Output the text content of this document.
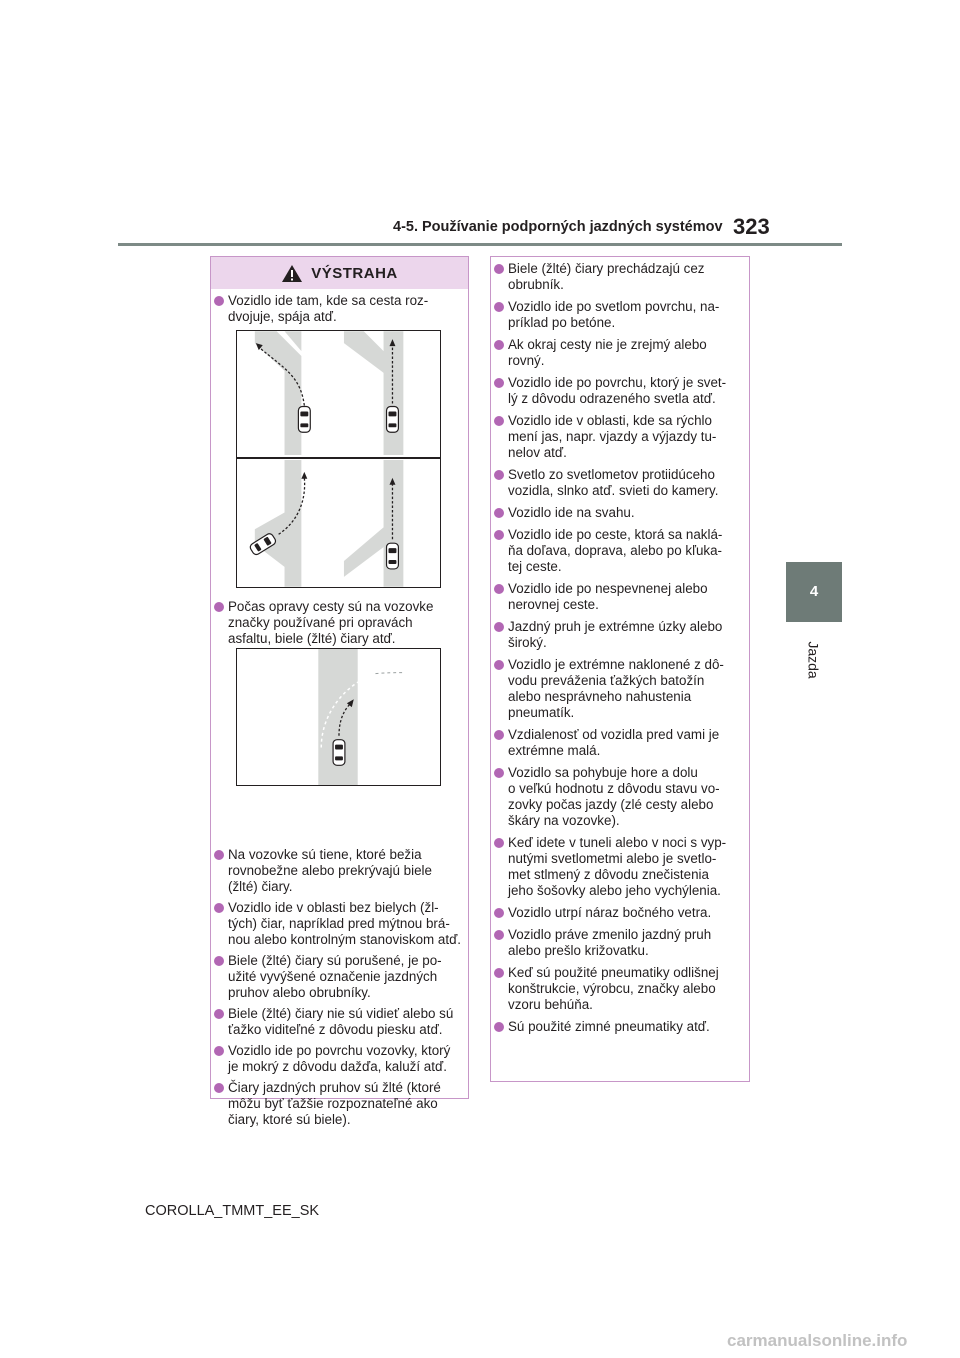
4-5. Používanie podporných jazdných systémov 323
4
Jazda
VÝSTRAHA
Vozidlo ide tam, kde sa cesta roz-
dvojuje, spája atď.
Počas opravy cesty sú na vozovke
značky používané pri opravách
asfaltu, biele (žlté) čiary atď.
Na vozovke sú tiene, ktoré bežia
rovnobežne alebo prekrývajú biele
(žlté) čiary.
Vozidlo ide v oblasti bez bielych (žl-
tých) čiar, napríklad pred mýtnou brá-
nou alebo kontrolným stanoviskom atď.
Biele (žlté) čiary sú porušené, je po-
užité vyvýšené označenie jazdných
pruhov alebo obrubníky.
Biele (žlté) čiary nie sú vidieť alebo sú
ťažko viditeľné z dôvodu piesku atď.
Vozidlo ide po povrchu vozovky, ktorý
je mokrý z dôvodu dažďa, kaluží atď.
Čiary jazdných pruhov sú žlté (ktoré
môžu byť ťažšie rozpoznateľné ako
čiary, ktoré sú biele).
Biele (žlté) čiary prechádzajú cez
obrubník.
Vozidlo ide po svetlom povrchu, na-
príklad po betóne.
Ak okraj cesty nie je zrejmý alebo
rovný.
Vozidlo ide po povrchu, ktorý je svet-
lý z dôvodu odrazeného svetla atď.
Vozidlo ide v oblasti, kde sa rýchlo
mení jas, napr. vjazdy a výjazdy tu-
nelov atď.
Svetlo zo svetlometov protiidúceho
vozidla, slnko atď. svieti do kamery.
Vozidlo ide na svahu.
Vozidlo ide po ceste, ktorá sa naklá-
ňa doľava, doprava, alebo po kľuka-
tej ceste.
Vozidlo ide po nespevnenej alebo
nerovnej ceste.
Jazdný pruh je extrémne úzky alebo
široký.
Vozidlo je extrémne naklonené z dô-
vodu preváženia ťažkých batožín
alebo nesprávneho nahustenia
pneumatík.
Vzdialenosť od vozidla pred vami je
extrémne malá.
Vozidlo sa pohybuje hore a dolu
o veľkú hodnotu z dôvodu stavu vo-
zovky počas jazdy (zlé cesty alebo
škáry na vozovke).
Keď idete v tuneli alebo v noci s vyp-
nutými svetlometmi alebo je svetlo-
met stlmený z dôvodu znečistenia
jeho šošovky alebo jeho vychýlenia.
Vozidlo utrpí náraz bočného vetra.
Vozidlo práve zmenilo jazdný pruh
alebo prešlo križovatku.
Keď sú použité pneumatiky odlišnej
konštrukcie, výrobcu, značky alebo
vzoru behúňa.
Sú použité zimné pneumatiky atď.
COROLLA_TMMT_EE_SK
carmanualsonline.info
